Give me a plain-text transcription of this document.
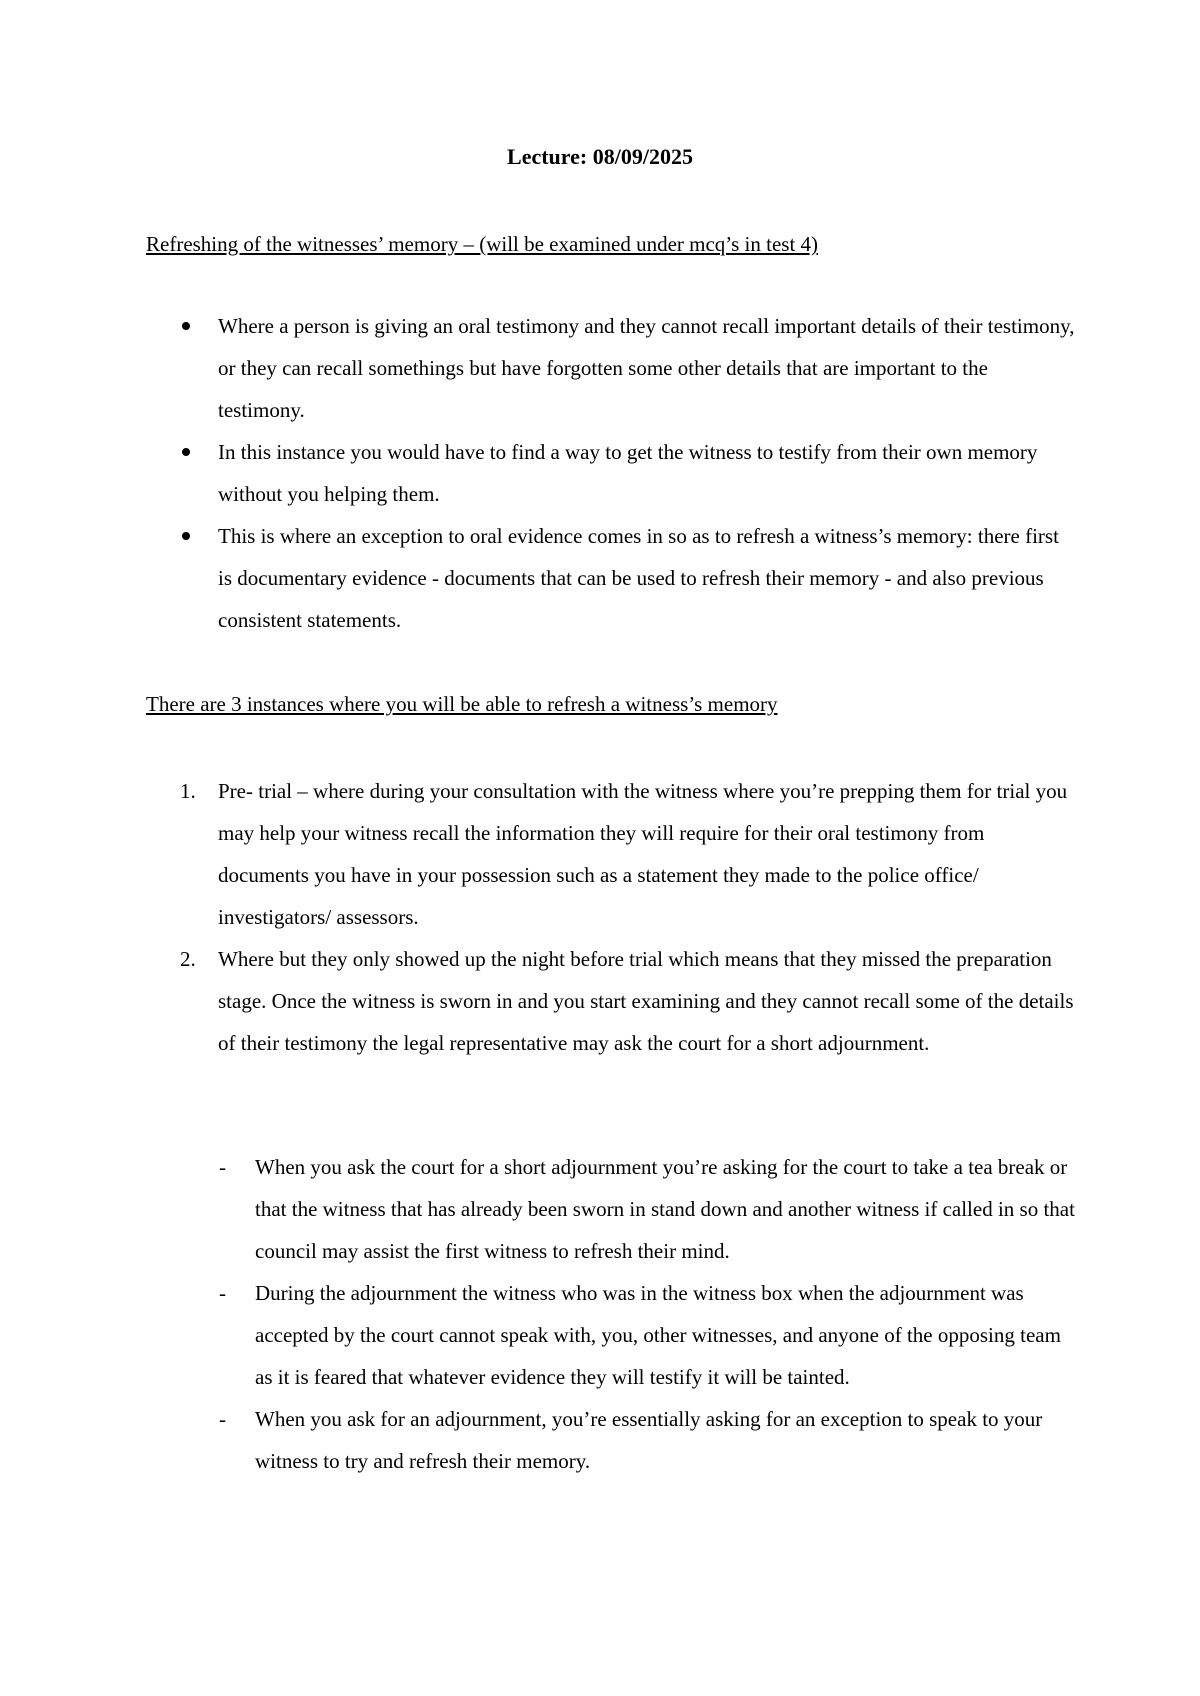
Lecture: 08/09/2025

Refreshing of the witnesses’ memory – (will be examined under mcq’s in test 4)

Where a person is giving an oral testimony and they cannot recall important details of their testimony, or they can recall somethings but have forgotten some other details that are important to the testimony.
In this instance you would have to find a way to get the witness to testify from their own memory without you helping them.
This is where an exception to oral evidence comes in so as to refresh a witness’s memory: there first is documentary evidence - documents that can be used to refresh their memory - and also previous consistent statements.

There are 3 instances where you will be able to refresh a witness’s memory

1. Pre- trial – where during your consultation with the witness where you’re prepping them for trial you may help your witness recall the information they will require for their oral testimony from documents you have in your possession such as a statement they made to the police office/ investigators/ assessors.
2. Where but they only showed up the night before trial which means that they missed the preparation stage. Once the witness is sworn in and you start examining and they cannot recall some of the details of their testimony the legal representative may ask the court for a short adjournment.
- When you ask the court for a short adjournment you’re asking for the court to take a tea break or that the witness that has already been sworn in stand down and another witness if called in so that council may assist the first witness to refresh their mind.
- During the adjournment the witness who was in the witness box when the adjournment was accepted by the court cannot speak with, you, other witnesses, and anyone of the opposing team as it is feared that whatever evidence they will testify it will be tainted.
- When you ask for an adjournment, you’re essentially asking for an exception to speak to your witness to try and refresh their memory.
